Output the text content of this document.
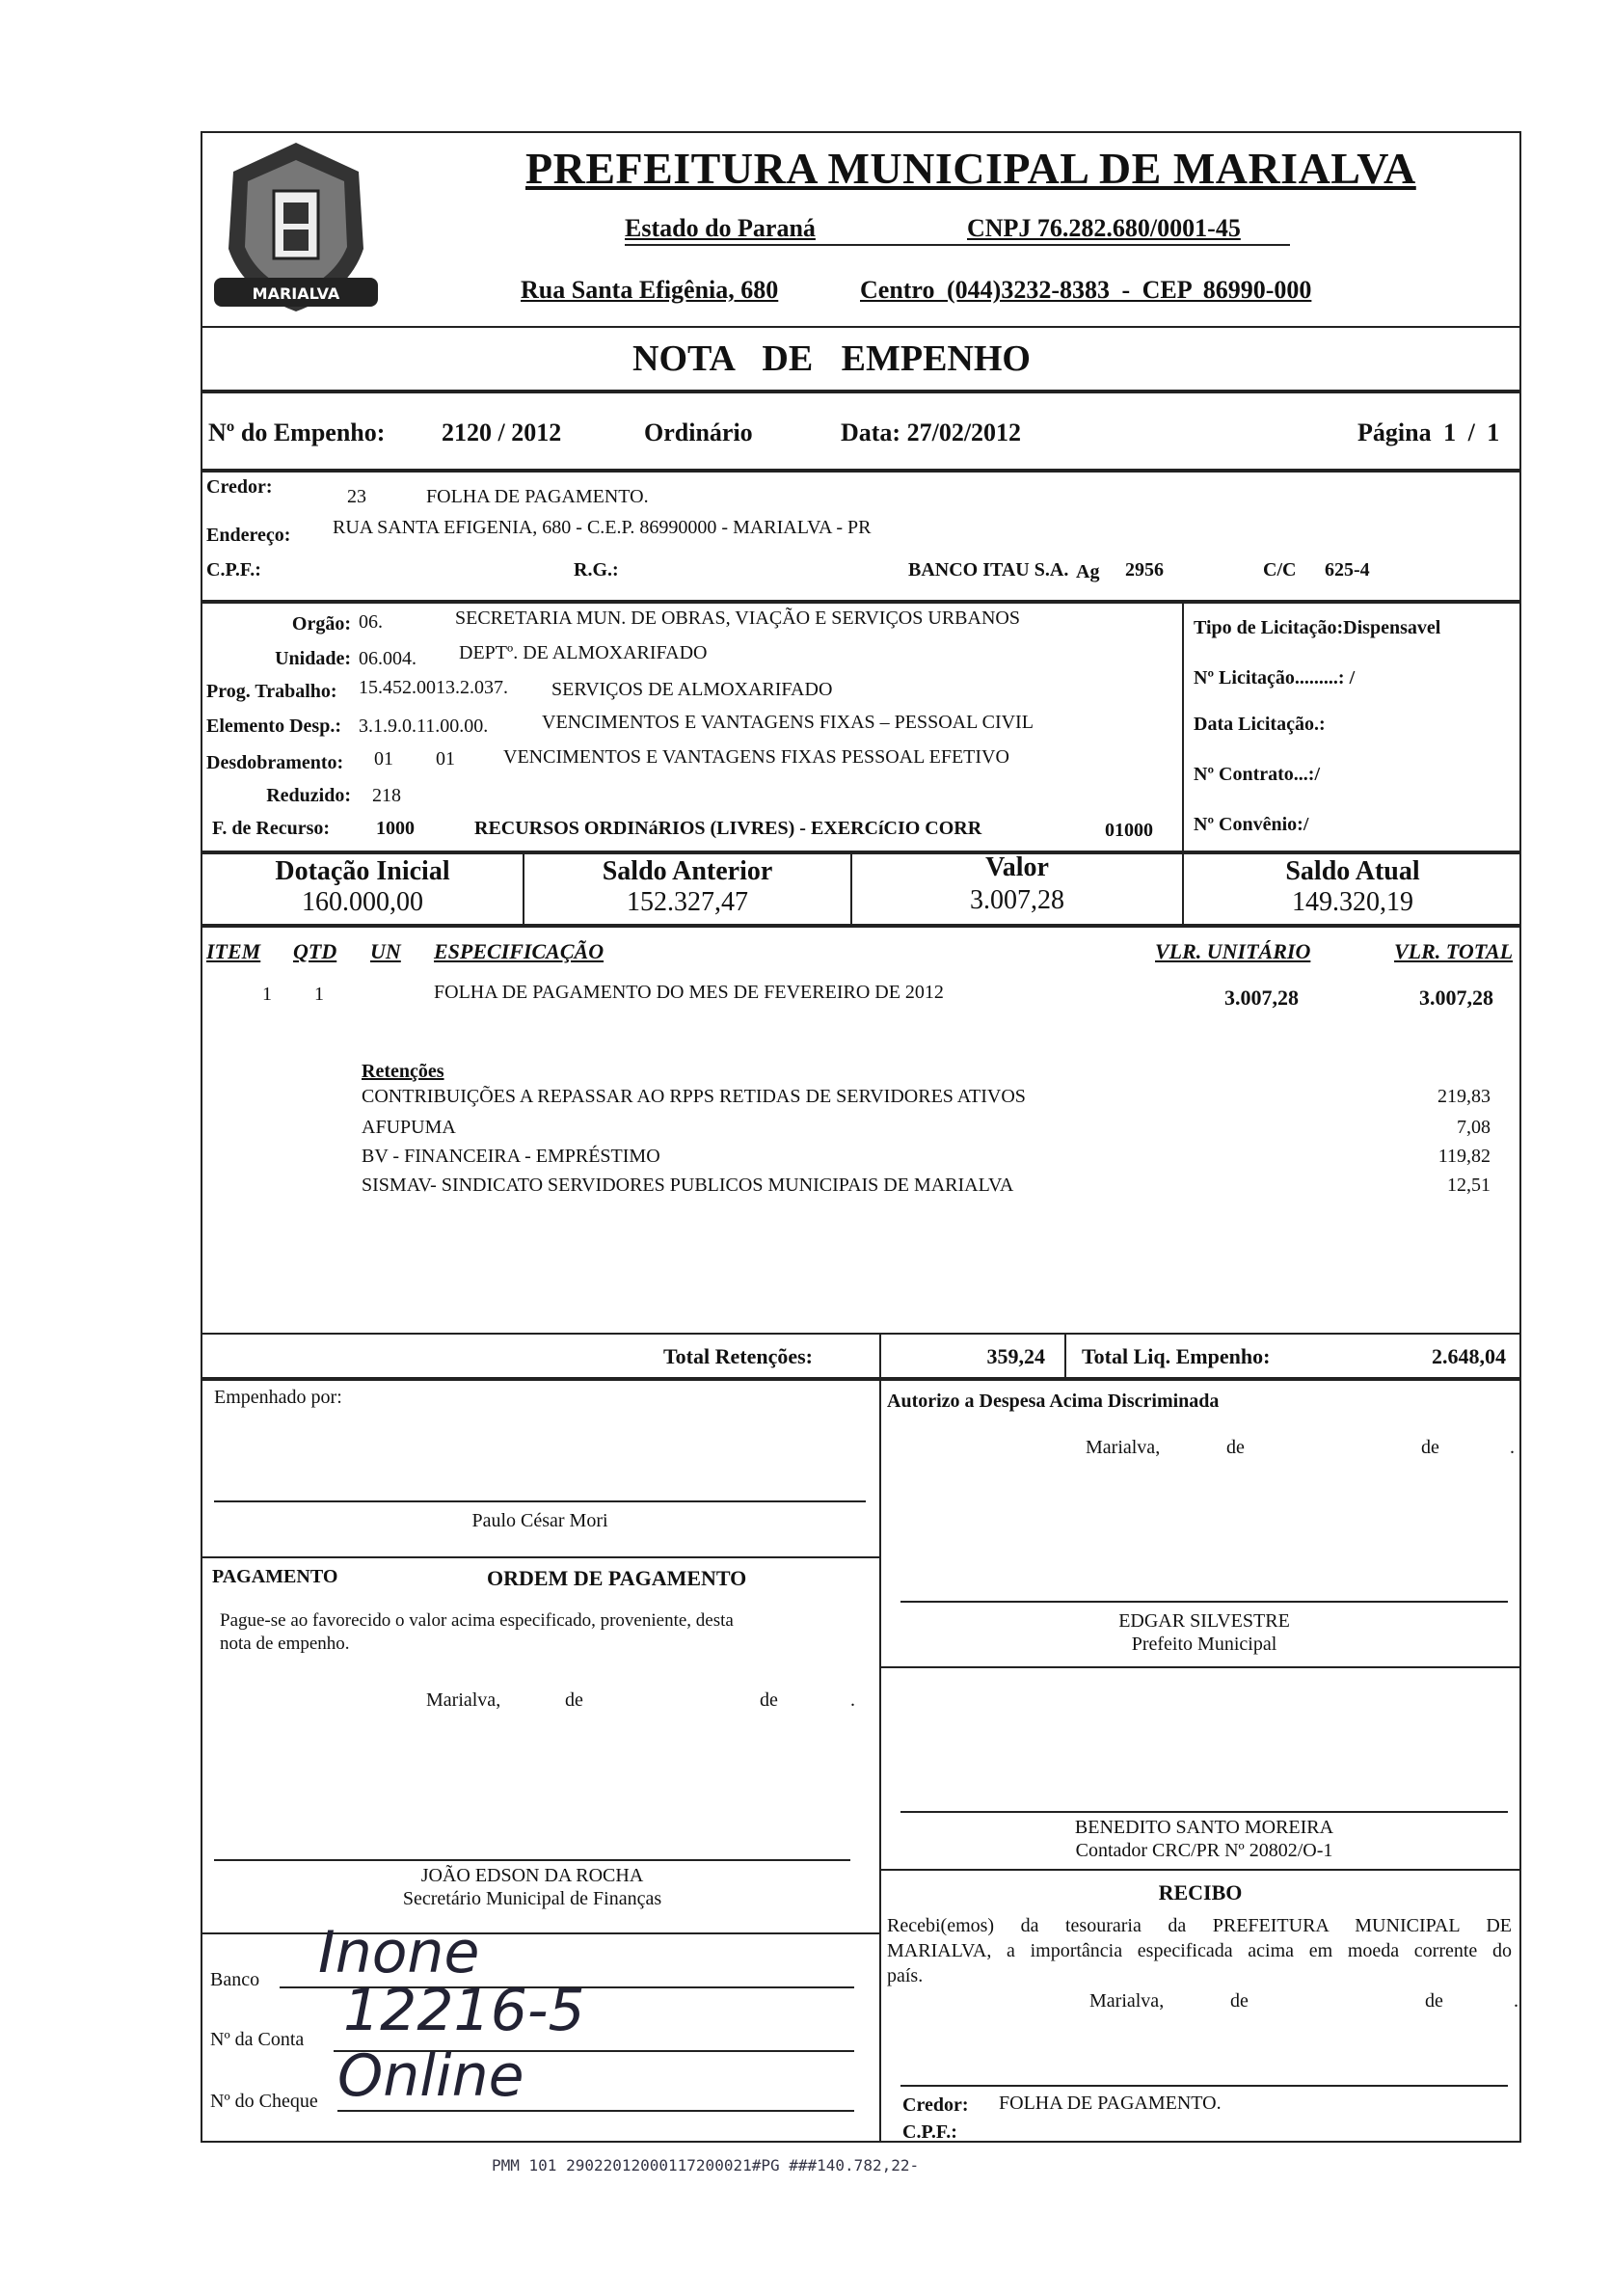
MARIALVA
PREFEITURA MUNICIPAL DE MARIALVA
Estado do Paraná	CNPJ 76.282.680/0001-45
Rua Santa Efigênia, 680	Centro (044)3232-8383 - CEP 86990-000
NOTA DE EMPENHO
Nº do Empenho: 2120 / 2012	Ordinário	Data: 27/02/2012	Página 1 / 1
Credor:	23	FOLHA DE PAGAMENTO.
Endereço: RUA SANTA EFIGENIA, 680 - C.E.P. 86990000 - MARIALVA - PR
C.P.F.:	R.G.:	BANCO ITAU S.A. Ag 2956	C/C 625-4
Orgão: 06.	SECRETARIA MUN. DE OBRAS, VIAÇÃO E SERVIÇOS URBANOS
Unidade: 06.004. DEPTº. DE ALMOXARIFADO
Prog. Trabalho: 15.452.0013.2.037. SERVIÇOS DE ALMOXARIFADO
Elemento Desp.: 3.1.9.0.11.00.00.	VENCIMENTOS E VANTAGENS FIXAS – PESSOAL CIVIL
Desdobramento: 01 01	VENCIMENTOS E VANTAGENS FIXAS PESSOAL EFETIVO
Reduzido: 218
F. de Recurso: 1000	RECURSOS ORDINáRIOS (LIVRES) - EXERCíCIO CORR	01000
Tipo de Licitação:Dispensavel
Nº Licitação.........: /
Data Licitação.:
Nº Contrato...:/
Nº Convênio:/
Dotação Inicial
160.000,00
Saldo Anterior
152.327,47
Valor
3.007,28
Saldo Atual
149.320,19
ITEM QTD UN ESPECIFICAÇÃO	VLR. UNITÁRIO	VLR. TOTAL
1 1	FOLHA DE PAGAMENTO DO MES DE FEVEREIRO DE 2012	3.007,28	3.007,28
Retenções
CONTRIBUIÇÕES A REPASSAR AO RPPS RETIDAS DE SERVIDORES ATIVOS	219,83
AFUPUMA	7,08
BV - FINANCEIRA - EMPRÉSTIMO	119,82
SISMAV- SINDICATO SERVIDORES PUBLICOS MUNICIPAIS DE MARIALVA	12,51
Total Retenções:	359,24 Total Liq. Empenho:	2.648,04
Empenhado por:
Paulo César Mori
Autorizo a Despesa Acima Discriminada
Marialva,	de	de	.
PAGAMENTO	ORDEM DE PAGAMENTO
Pague-se ao favorecido o valor acima especificado, proveniente, desta
nota de empenho.
Marialva,	de	de	.
JOÃO EDSON DA ROCHA
Secretário Municipal de Finanças
Banco Inone
Nº da Conta 12216-5
Nº do Cheque Online
EDGAR SILVESTRE
Prefeito Municipal
BENEDITO SANTO MOREIRA
Contador CRC/PR Nº 20802/O-1
RECIBO
Recebi(emos) da tesouraria da PREFEITURA MUNICIPAL DE
MARIALVA, a importância especificada acima em moeda corrente do
país.
Marialva,	de	de	.
Credor: FOLHA DE PAGAMENTO.
C.P.F.:
PMM 101 29022012000117200021#PG ###140.782,22-
